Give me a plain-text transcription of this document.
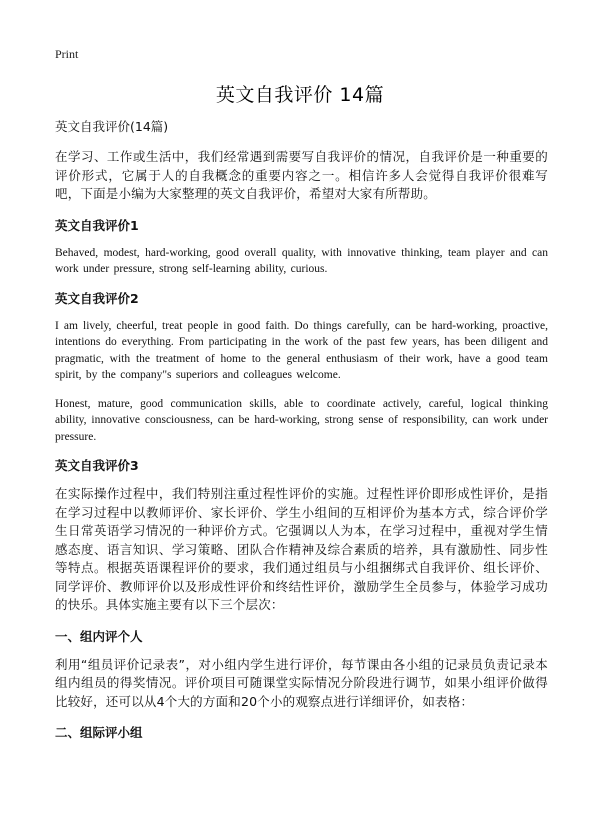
Print
英文自我评价 14篇
英文自我评价(14篇)

在学习、工作或生活中，我们经常遇到需要写自我评价的情况，自我评价是一种重要的评价形式，它属于人的自我概念的重要内容之一。相信许多人会觉得自我评价很难写吧，下面是小编为大家整理的英文自我评价，希望对大家有所帮助。

英文自我评价1

Behaved, modest, hard-working, good overall quality, with innovative thinking, team player and can work under pressure, strong self-learning ability, curious.

英文自我评价2

I am lively, cheerful, treat people in good faith. Do things carefully, can be hard-working, proactive, intentions do everything. From participating in the work of the past few years, has been diligent and pragmatic, with the treatment of home to the general enthusiasm of their work, have a good team spirit, by the company"s superiors and colleagues welcome.

Honest, mature, good communication skills, able to coordinate actively, careful, logical thinking ability, innovative consciousness, can be hard-working, strong sense of responsibility, can work under pressure.

英文自我评价3

在实际操作过程中，我们特别注重过程性评价的实施。过程性评价即形成性评价，是指在学习过程中以教师评价、家长评价、学生小组间的互相评价为基本方式，综合评价学生日常英语学习情况的一种评价方式。它强调以人为本，在学习过程中，重视对学生情感态度、语言知识、学习策略、团队合作精神及综合素质的培养，具有激励性、同步性等特点。根据英语课程评价的要求，我们通过组员与小组捆绑式自我评价、组长评价、同学评价、教师评价以及形成性评价和终结性评价，激励学生全员参与，体验学习成功的快乐。具体实施主要有以下三个层次：

一、组内评个人

利用“组员评价记录表”，对小组内学生进行评价，每节课由各小组的记录员负责记录本组内组员的得奖情况。评价项目可随课堂实际情况分阶段进行调节，如果小组评价做得比较好，还可以从4个大的方面和20个小的观察点进行详细评价，如表格：

二、组际评小组
